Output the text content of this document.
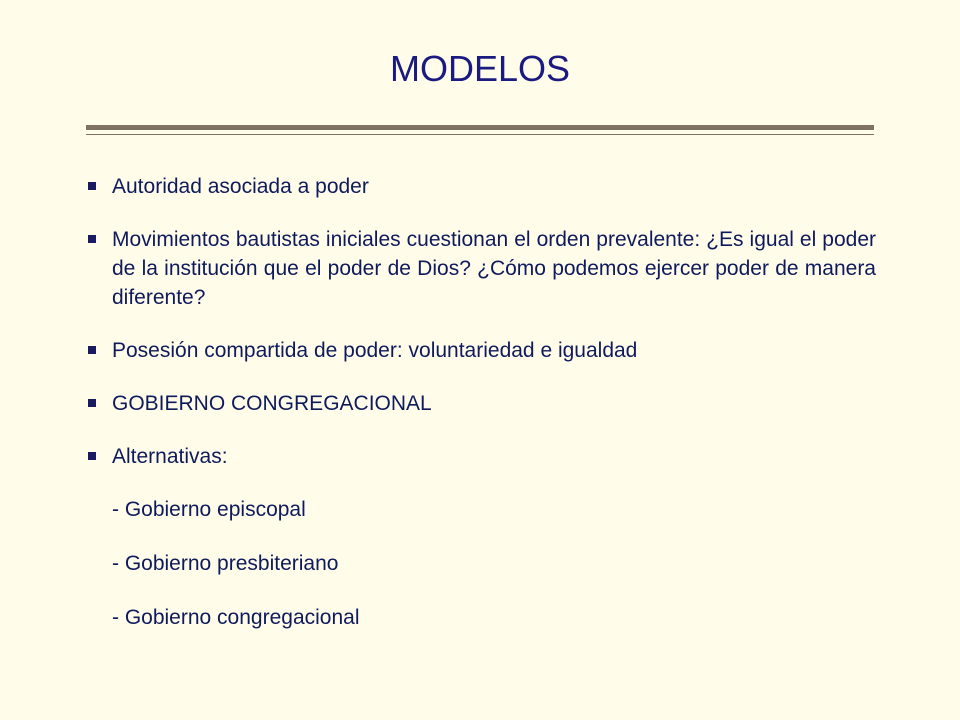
MODELOS
Autoridad asociada a poder
Movimientos bautistas iniciales cuestionan el orden prevalente: ¿Es igual el poder de la institución que el poder de Dios? ¿Cómo podemos ejercer poder de manera diferente?
Posesión compartida de poder: voluntariedad e igualdad
GOBIERNO CONGREGACIONAL
Alternativas:
- Gobierno episcopal
- Gobierno presbiteriano
- Gobierno congregacional
